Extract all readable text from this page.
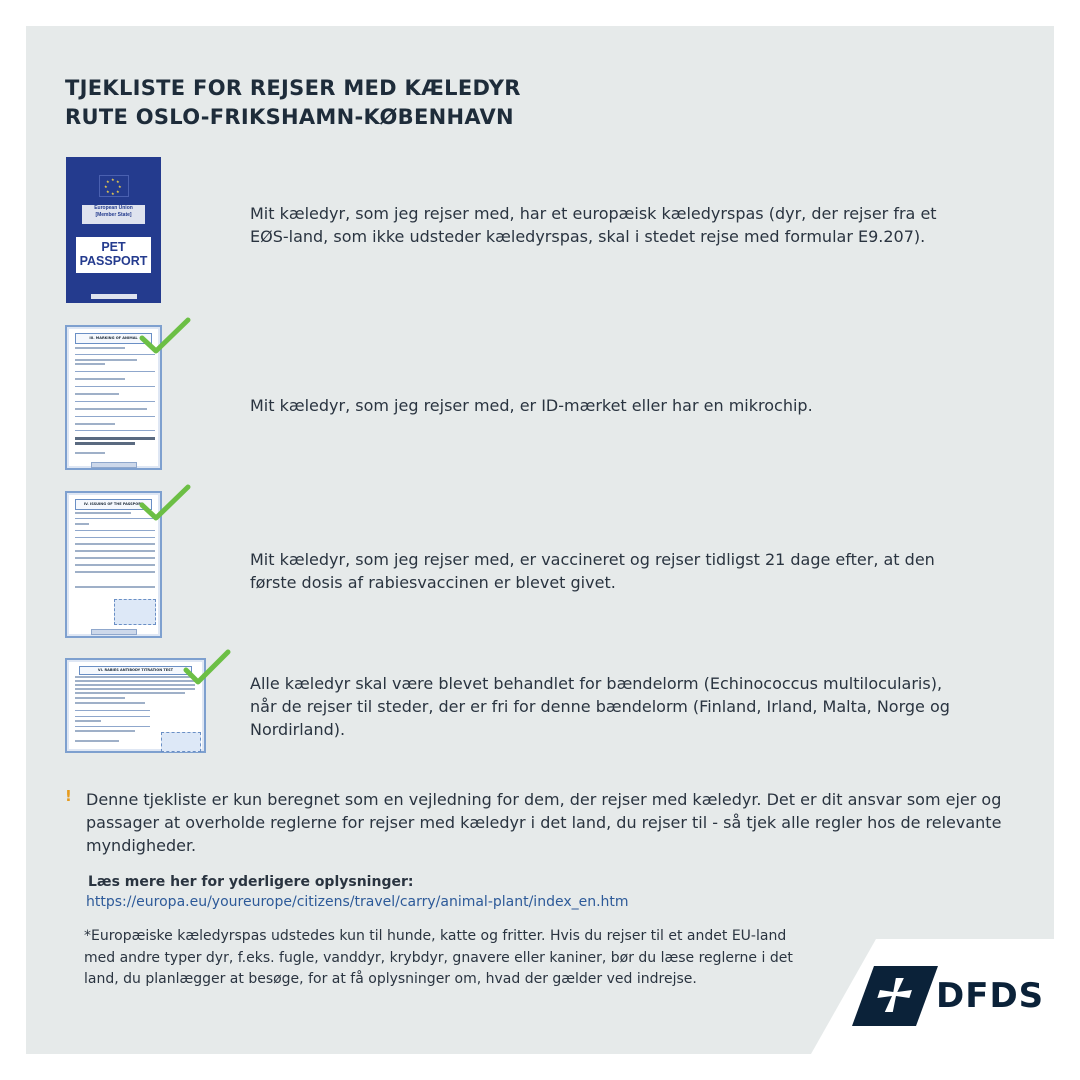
TJEKLISTE FOR REJSER MED KÆLEDYR
RUTE OSLO-FRIKSHAMN-KØBENHAVN
★ ★
★
★
★
★
★
★
European Union
[Member State]
PET
PASSPORT
Mit kæledyr, som jeg rejser med, har et europæisk kæledyrspas (dyr, der rejser fra et EØS-land, som ikke udsteder kæledyrspas, skal i stedet rejse med formular E9.207).
III. MARKING OF ANIMAL
Mit kæledyr, som jeg rejser med, er ID-mærket eller har en mikrochip.
IV. ISSUING OF THE PASSPORT
Mit kæledyr, som jeg rejser med, er vaccineret og rejser tidligst 21 dage efter, at den første dosis af rabiesvaccinen er blevet givet.
VI. RABIES ANTIBODY TITRATION TEST
Alle kæledyr skal være blevet behandlet for bændelorm (Echinococcus multilocularis), når de rejser til steder, der er fri for denne bændelorm (Finland, Irland, Malta, Norge og Nordirland).
! Denne tjekliste er kun beregnet som en vejledning for dem, der rejser med kæledyr. Det er dit ansvar som ejer og passager at overholde reglerne for rejser med kæledyr i det land, du rejser til - så tjek alle regler hos de relevante myndigheder.
Læs mere her for yderligere oplysninger:
https://europa.eu/youreurope/citizens/travel/carry/animal-plant/index_en.htm
*Europæiske kæledyrspas udstedes kun til hunde, katte og fritter. Hvis du rejser til et andet EU-land med andre typer dyr, f.eks. fugle, vanddyr, krybdyr, gnavere eller kaniner, bør du læse reglerne i det land, du planlægger at besøge, for at få oplysninger om, hvad der gælder ved indrejse.	DFDS
